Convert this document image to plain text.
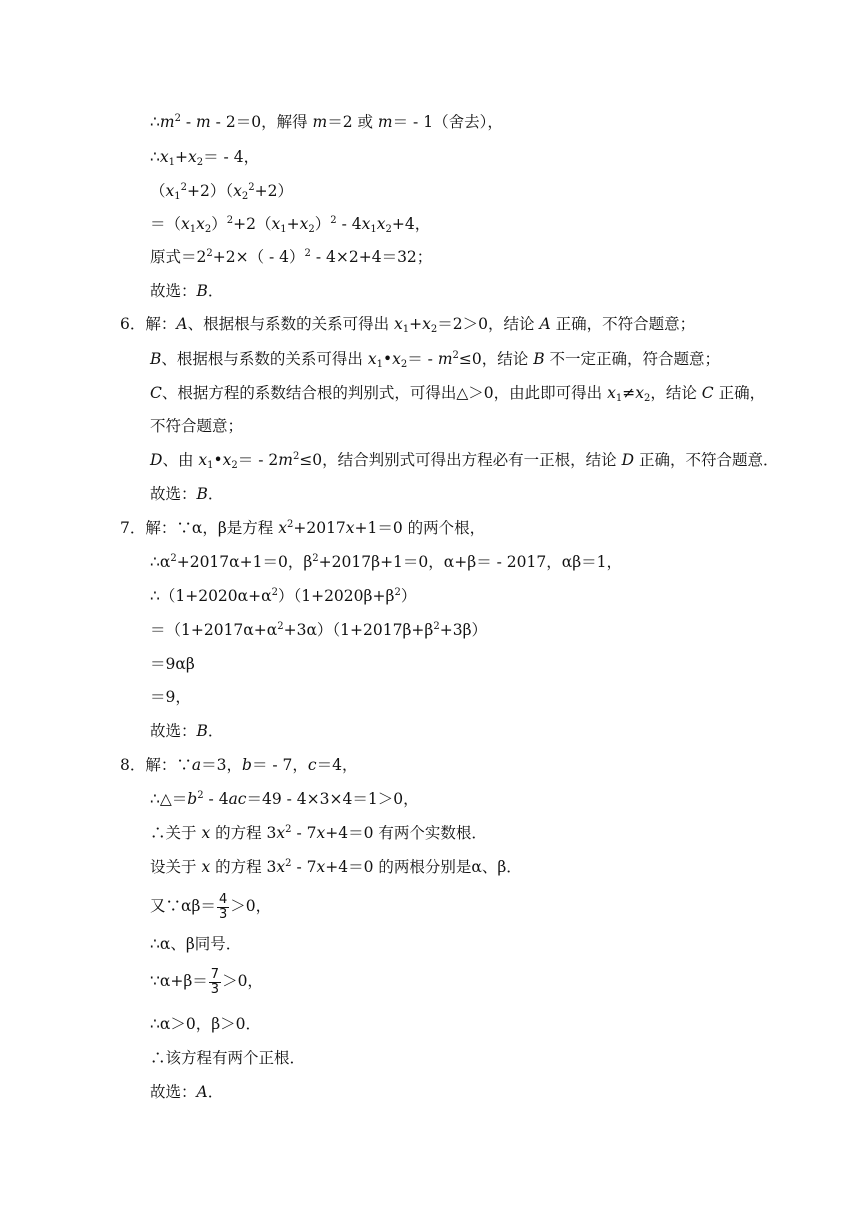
$\therefore m^2 - m - 2=0$，解得 m＝2 或 m＝ - 1（舍去），
$\therefore x_1+x_2= - 4$，
$(x_1^2+2)(x_2^2+2)$
$=(x_1x_2)^2+2(x_1+x_2)^2 - 4x_1x_2+4$，
原式$=2^2+2\times( - 4)^2 - 4\times 2+4=32$；
故选：B．
6．解：A、根据根与系数的关系可得出 $x_1+x_2=2>0$，结论 A 正确，不符合题意；
B、根据根与系数的关系可得出 $x_1•x_2= - m^2\le 0$，结论 B 不一定正确，符合题意；
C、根据方程的系数结合根的判别式，可得出△＞0，由此即可得出 $x_1\ne x_2$，结论 C 正确，
不符合题意；
D、由 $x_1•x_2= - 2m^2\le 0$，结合判别式可得出方程必有一正根，结论 D 正确，不符合题意．
故选：B．
7．解：∵α，β是方程 $x^2+2017x+1=0$ 的两个根，
$\therefore\alpha^2+2017\alpha+1=0$，$\beta^2+2017\beta+1=0$，α+β＝ - 2017，αβ＝1，
$\therefore(1+2020\alpha+\alpha^2)(1+2020\beta+\beta^2)$
$=(1+2017\alpha+\alpha^2+3\alpha)(1+2017\beta+\beta^2+3\beta)$
＝9αβ
＝9，
故选：B．
8．解：∵a＝3，b＝ - 7，c＝4，
$\therefore\triangle=b^2 - 4ac=49 - 4\times 3\times 4=1>0$，
∴关于 x 的方程 $3x^2 - 7x+4=0$ 有两个实数根．
设关于 x 的方程 $3x^2 - 7x+4=0$ 的两根分别是α、β．
又∵αβ＝ $\frac{4}{3} >0$，
∴α、β同号．
∵α+β＝ $\frac{7}{3} >0$，
∴α＞0，β＞0．
∴该方程有两个正根．
故选：A．
